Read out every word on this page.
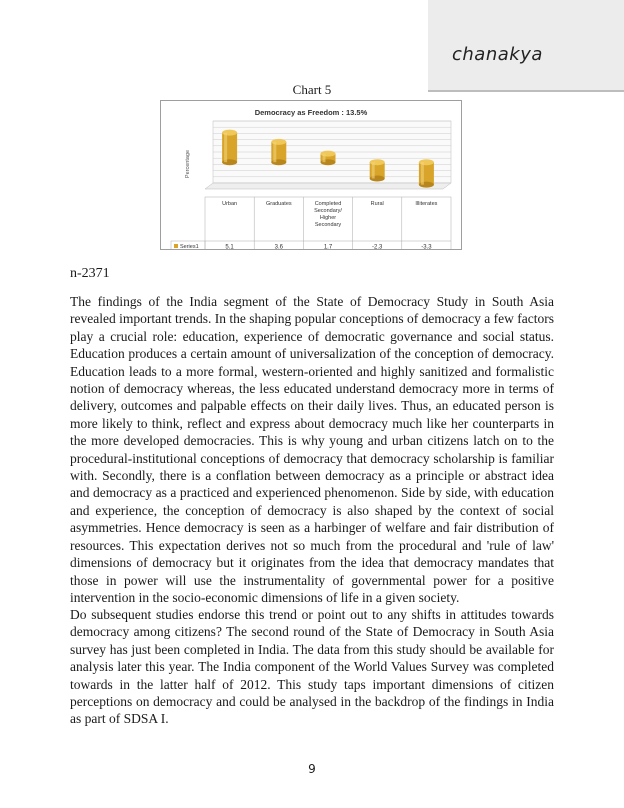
chanakya
Chart 5
Democracy as Freedom : 13.5%
Percentage
Series1
Urban
5.1
Graduates
3.6
Completed Secondary/ Higher Secondary
1.7
Rural
-2.3
Illiterates
-3.3
n-2371

The findings of the India segment of the State of Democracy Study in South Asia revealed important trends. In the shaping popular conceptions of democracy a few factors play a crucial role: education, experience of democratic governance and social status. Education produces a certain amount of universalization of the conception of democracy. Education leads to a more formal, western-oriented and highly sanitized and formalistic notion of democracy whereas, the less educated understand democracy more in terms of delivery, outcomes and palpable effects on their daily lives. Thus, an educated person is more likely to think, reflect and express about democracy much like her counterparts in the more developed democracies. This is why young and urban citizens latch on to the procedural-institutional conceptions of democracy that democracy scholarship is familiar with. Secondly, there is a conflation between democracy as a principle or abstract idea and democracy as a practiced and experienced phenomenon. Side by side, with education and experience, the conception of democracy is also shaped by the context of social asymmetries. Hence democracy is seen as a harbinger of welfare and fair distribution of resources. This expectation derives not so much from the procedural and 'rule of law' dimensions of democracy but it originates from the idea that democracy mandates that those in power will use the instrumentality of governmental power for a positive intervention in the socio-economic dimensions of life in a given society.

Do subsequent studies endorse this trend or point out to any shifts in attitudes towards democracy among citizens? The second round of the State of Democracy in South Asia survey has just been completed in India. The data from this study should be available for analysis later this year. The India component of the World Values Survey was completed towards in the latter half of 2012. This study taps important dimensions of citizen perceptions on democracy and could be analysed in the backdrop of the findings in India as part of SDSA I.

9
